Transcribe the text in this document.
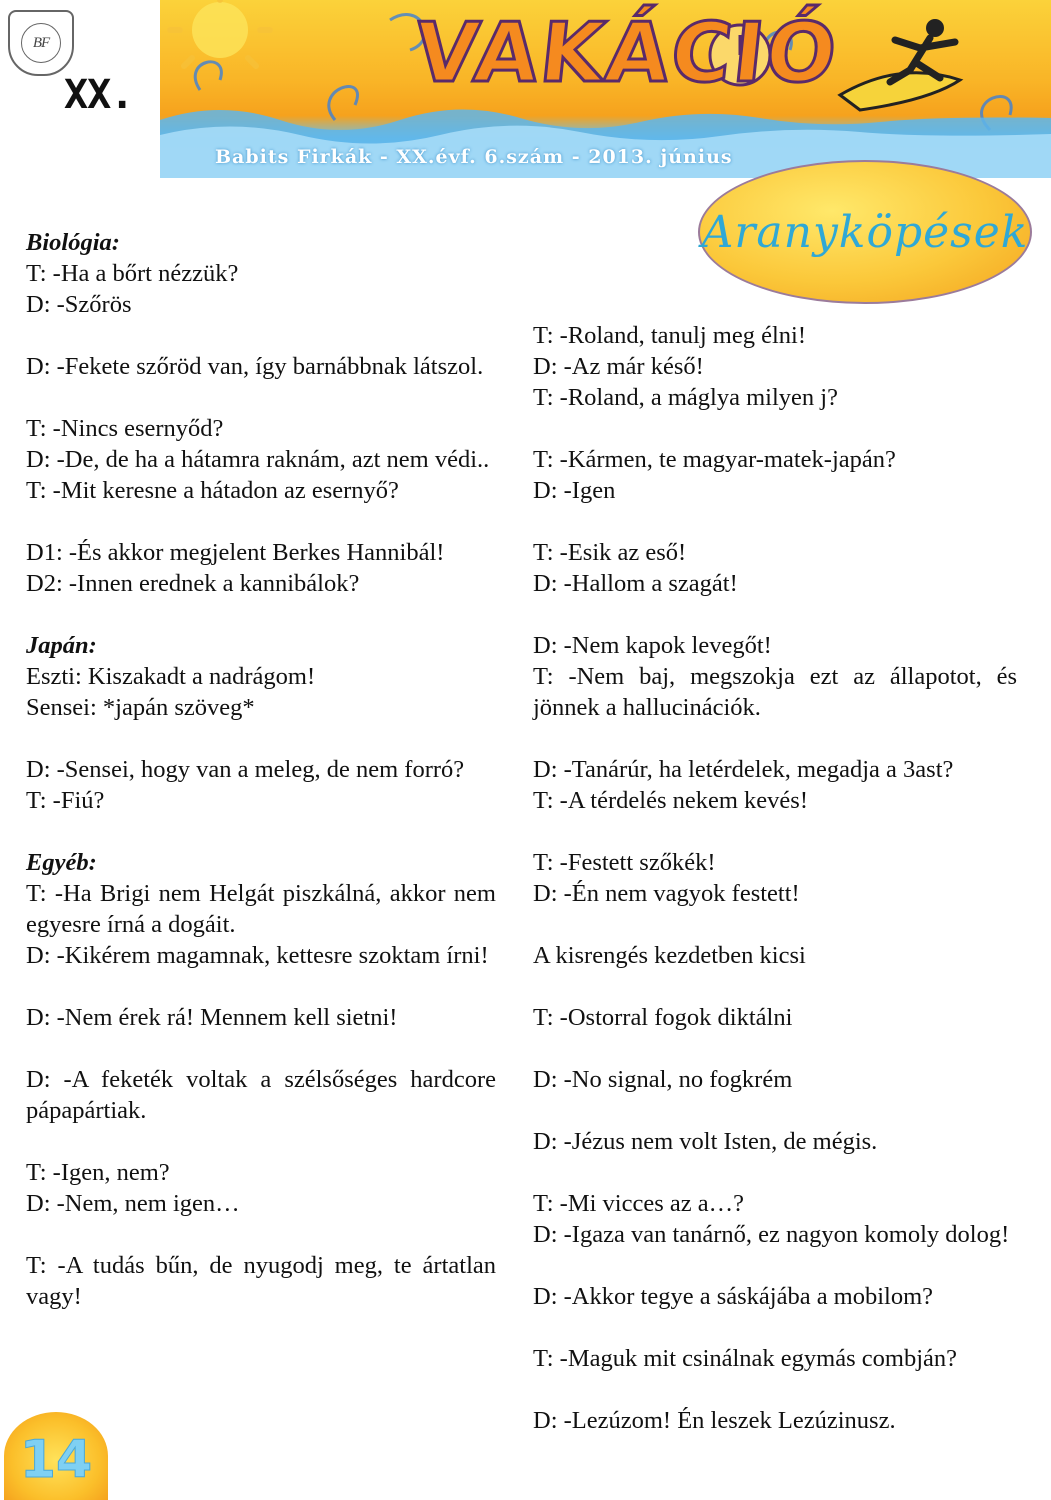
BF
XX.	VAKÁCIÓ
Babits Firkák - XX.évf. 6.szám - 2013. június
Aranyköpések
Biológia:
T: -Ha a bőrt nézzük?
D: -Szőrös
D: -Fekete szőröd van, így barnábbnak látszol.
T: -Nincs esernyőd?
D: -De, de ha a hátamra raknám, azt nem védi..
T: -Mit keresne a hátadon az esernyő?
D1: -És akkor megjelent Berkes Hannibál!
D2: -Innen erednek a kannibálok?
Japán:
Eszti: Kiszakadt a nadrágom!
Sensei: *japán szöveg*
D: -Sensei, hogy van a meleg, de nem forró?
T: -Fiú?
Egyéb:
T: -Ha Brigi nem Helgát piszkálná, akkor nem egyesre írná a dogáit.
D: -Kikérem magamnak, kettesre szoktam írni!
D: -Nem érek rá! Mennem kell sietni!
D: -A feketék voltak a szélsőséges hardcore pápapártiak.
T: -Igen, nem?
D: -Nem, nem igen…
T: -A tudás bűn, de nyugodj meg, te ártatlan vagy!
T: -Roland, tanulj meg élni!
D: -Az már késő!
T: -Roland, a máglya milyen j?
T: -Kármen, te magyar-matek-japán?
D: -Igen
T: -Esik az eső!
D: -Hallom a szagát!
D: -Nem kapok levegőt!
T: -Nem baj, megszokja ezt az állapotot, és jönnek a hallucinációk.
D: -Tanárúr, ha letérdelek, megadja a 3ast?
T: -A térdelés nekem kevés!
T: -Festett szőkék!
D: -Én nem vagyok festett!
A kisrengés kezdetben kicsi
T: -Ostorral fogok diktálni
D: -No signal, no fogkrém
D: -Jézus nem volt Isten, de mégis.
T: -Mi vicces az a…?
D: -Igaza van tanárnő, ez nagyon komoly dolog!
D: -Akkor tegye a sáskájába a mobilom?
T: -Maguk mit csinálnak egymás combján?
D: -Lezúzom! Én leszek Lezúzinusz.
14
